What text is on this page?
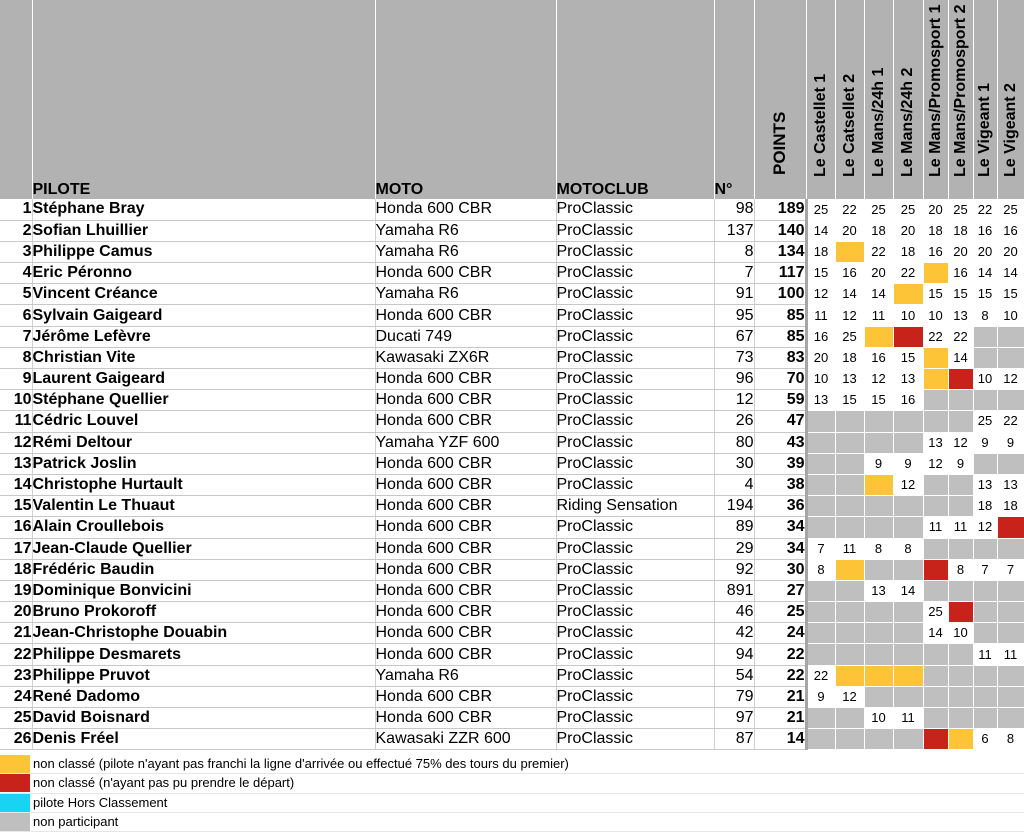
	PILOTE	MOTO	MOTOCLUB	N°	POINTS	Le Castellet 1	Le Catsellet 2	Le Mans/24h 1	Le Mans/24h 2	Le Mans/Promosport 1	Le Mans/Promosport 2	Le Vigeant 1	Le Vigeant 2

1	Stéphane Bray	Honda 600 CBR	ProClassic	98	189	25	22	25	25	20	25	22	25
2	Sofian Lhuillier	Yamaha R6	ProClassic	137	140	14	20	18	20	18	18	16	16
3	Philippe Camus	Yamaha R6	ProClassic	8	134	18		22	18	16	20	20	20
4	Eric Péronno	Honda 600 CBR	ProClassic	7	117	15	16	20	22		16	14	14
5	Vincent Créance	Yamaha R6	ProClassic	91	100	12	14	14		15	15	15	15
6	Sylvain Gaigeard	Honda 600 CBR	ProClassic	95	85	11	12	11	10	10	13	8	10
7	Jérôme Lefèvre	Ducati 749	ProClassic	67	85	16	25			22	22		
8	Christian Vite	Kawasaki ZX6R	ProClassic	73	83	20	18	16	15		14		
9	Laurent Gaigeard	Honda 600 CBR	ProClassic	96	70	10	13	12	13			10	12
10	Stéphane Quellier	Honda 600 CBR	ProClassic	12	59	13	15	15	16				
11	Cédric Louvel	Honda 600 CBR	ProClassic	26	47							25	22
12	Rémi Deltour	Yamaha YZF 600	ProClassic	80	43					13	12	9	9
13	Patrick Joslin	Honda 600 CBR	ProClassic	30	39			9	9	12	9		
14	Christophe Hurtault	Honda 600 CBR	ProClassic	4	38				12			13	13
15	Valentin Le Thuaut	Honda 600 CBR	Riding Sensation	194	36							18	18
16	Alain Croullebois	Honda 600 CBR	ProClassic	89	34					11	11	12	
17	Jean-Claude Quellier	Honda 600 CBR	ProClassic	29	34	7	11	8	8				
18	Frédéric Baudin	Honda 600 CBR	ProClassic	92	30	8					8	7	7
19	Dominique Bonvicini	Honda 600 CBR	ProClassic	891	27			13	14				
20	Bruno Prokoroff	Honda 600 CBR	ProClassic	46	25					25			
21	Jean-Christophe Douabin	Honda 600 CBR	ProClassic	42	24					14	10		
22	Philippe Desmarets	Honda 600 CBR	ProClassic	94	22							11	11
23	Philippe Pruvot	Yamaha R6	ProClassic	54	22	22							
24	René Dadomo	Honda 600 CBR	ProClassic	79	21	9	12						
25	David Boisnard	Honda 600 CBR	ProClassic	97	21			10	11				
26	Denis Fréel	Kawasaki ZZR 600	ProClassic	87	14							6	8
non classé (pilote n'ayant pas franchi la ligne d'arrivée ou effectué 75% des tours du premier)
non classé (n'ayant pas pu prendre le départ)
pilote Hors Classement
non participant
